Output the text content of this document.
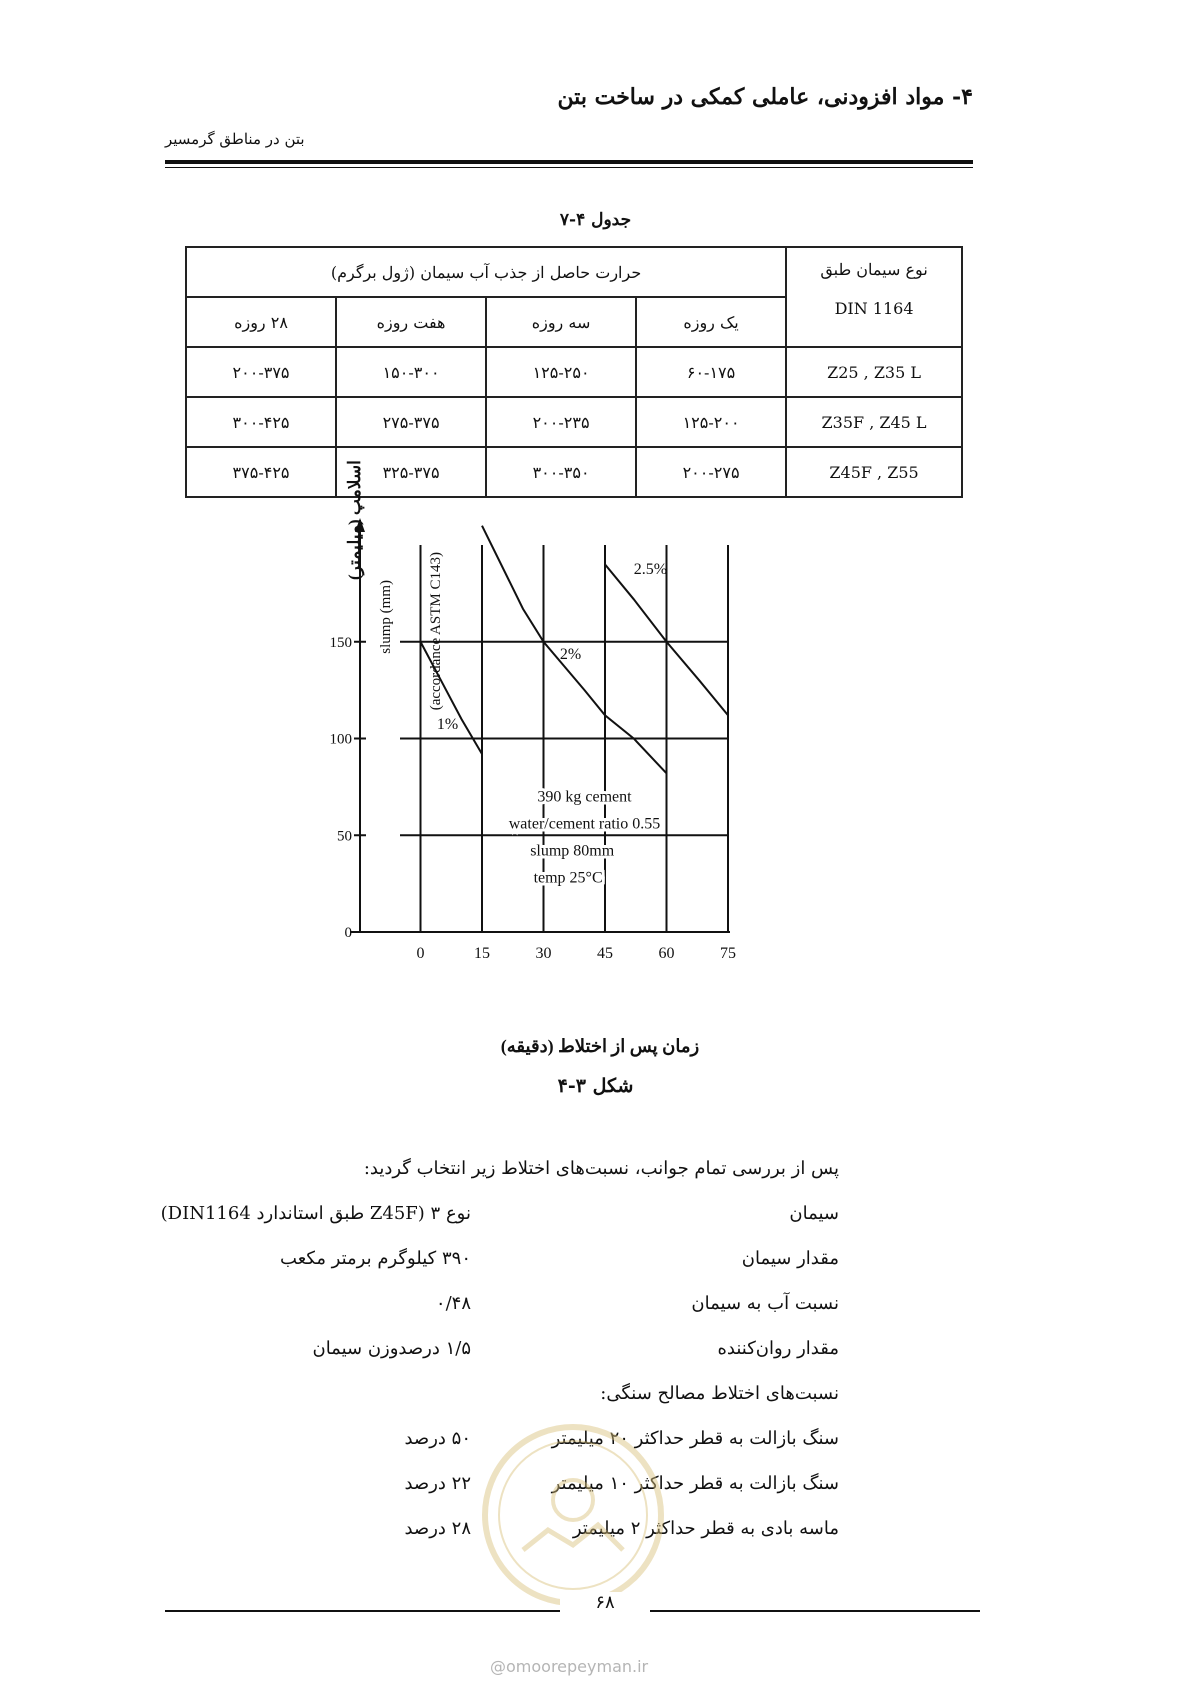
۴- مواد افزودنی، عاملی کمکی در ساخت بتن
بتن در مناطق گرمسیر
جدول ۴-۷
نوع سیمان طبق
DIN 1164	حرارت حاصل از جذب آب سیمان (ژول برگرم)			
	یک روزه	سه روزه	هفت روزه	۲۸ روزه
Z25 , Z35 L	۶۰-۱۷۵	۱۲۵-۲۵۰	۱۵۰-۳۰۰	۲۰۰-۳۷۵
Z35F , Z45 L	۱۲۵-۲۰۰	۲۰۰-۲۳۵	۲۷۵-۳۷۵	۳۰۰-۴۲۵
Z45F , Z55	۲۰۰-۲۷۵	۳۰۰-۳۵۰	۳۲۵-۳۷۵	۳۷۵-۴۲۵
0
50
100
150
0	15	30	45	60	75
1%
2%
2.5%
اسلامپ (میلیمتر)
slump (mm) (accordance ASTM C143)
390 kg cement
water/cement ratio 0.55
slump 80mm
temp 25°C
زمان پس از اختلاط (دقیقه)
شکل ۳-۴
پس از بررسی تمام جوانب، نسبت‌های اختلاط زیر انتخاب گردید:
سیمان
نوع ۳ (Z45F طبق استاندارد DIN1164)
مقدار سیمان
۳۹۰ کیلوگرم برمتر مکعب
نسبت آب به سیمان
۰/۴۸
مقدار روان‌کننده
۱/۵ درصدوزن سیمان
نسبت‌های اختلاط مصالح سنگی:
سنگ بازالت به قطر حداکثر ۲۰ میلیمتر
۵۰ درصد
سنگ بازالت به قطر حداکثر ۱۰ میلیمتر
۲۲ درصد
ماسه بادی به قطر حداکثر ۲ میلیمتر
۲۸ درصد
۶۸
@omoorepeyman.ir
